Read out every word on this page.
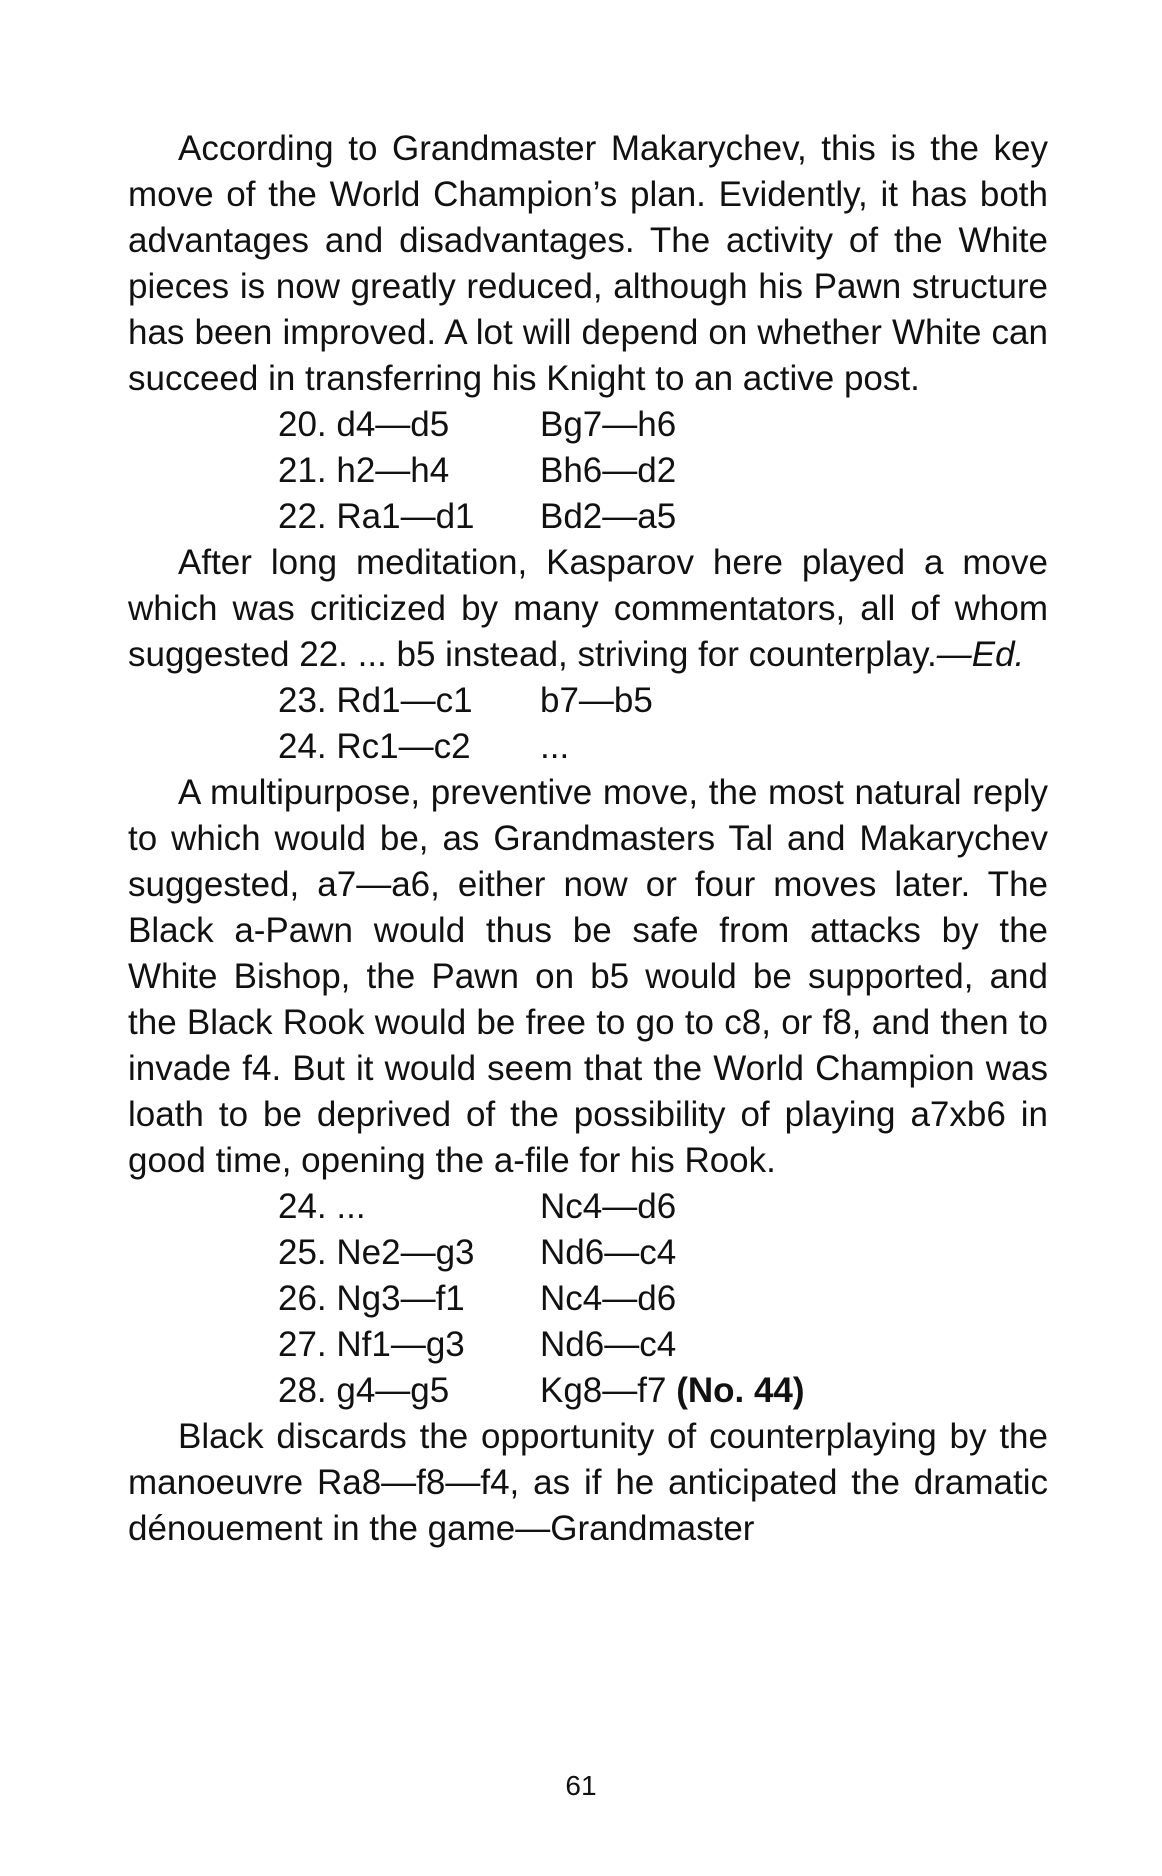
According to Grandmaster Makarychev, this is the key move of the World Champion’s plan. Evidently, it has both advantages and disadvantages. The activity of the White pieces is now greatly reduced, although his Pawn structure has been improved. A lot will depend on whether White can succeed in transferring his Knight to an active post.

20. d4—d5	Bg7—h6
21. h2—h4	Bh6—d2
22. Ra1—d1	Bd2—a5

After long meditation, Kasparov here played a move which was criticized by many commentators, all of whom suggested 22. ... b5 instead, striving for counterplay.—Ed.

23. Rd1—c1	b7—b5
24. Rc1—c2	...

A multipurpose, preventive move, the most natural reply to which would be, as Grandmasters Tal and Makarychev suggested, a7—a6, either now or four moves later. The Black a-Pawn would thus be safe from attacks by the White Bishop, the Pawn on b5 would be supported, and the Black Rook would be free to go to c8, or f8, and then to invade f4. But it would seem that the World Champion was loath to be deprived of the possibility of playing a7xb6 in good time, opening the a-file for his Rook.

24. ...	Nc4—d6
25. Ne2—g3	Nd6—c4
26. Ng3—f1	Nc4—d6
27. Nf1—g3	Nd6—c4
28. g4—g5	Kg8—f7 (No. 44)

Black discards the opportunity of counterplaying by the manoeuvre Ra8—f8—f4, as if he anticipated the dramatic dénouement in the game—Grandmaster

61
